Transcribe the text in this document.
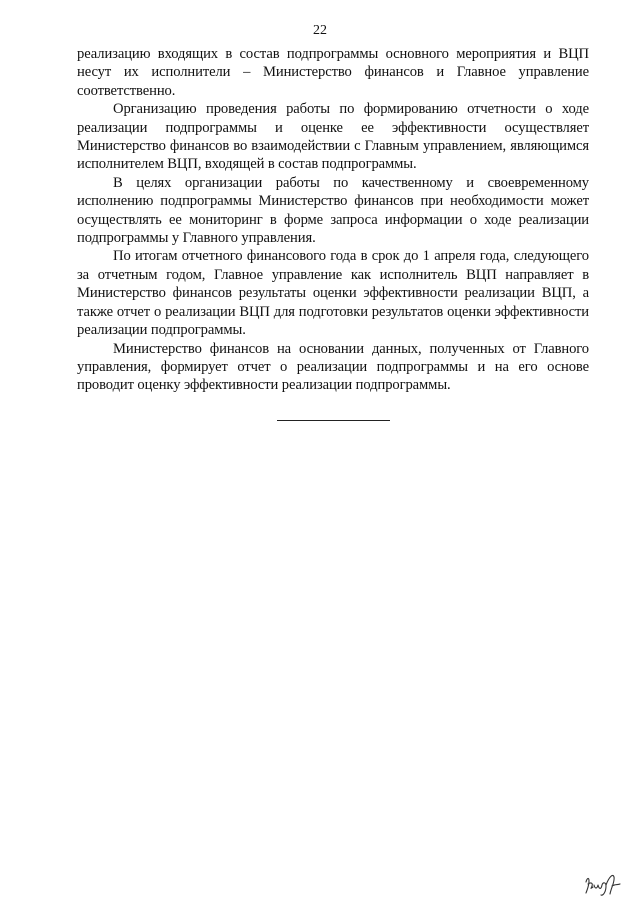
22

реализацию входящих в состав подпрограммы основного мероприятия и ВЦП несут их исполнители – Министерство финансов и Главное управление соответственно.

Организацию проведения работы по формированию отчетности о ходе реализации подпрограммы и оценке ее эффективности осуществляет Министерство финансов во взаимодействии с Главным управлением, являющимся исполнителем ВЦП, входящей в состав подпрограммы.

В целях организации работы по качественному и своевременному исполнению подпрограммы Министерство финансов при необходимости может осуществлять ее мониторинг в форме запроса информации о ходе реализации подпрограммы у Главного управления.

По итогам отчетного финансового года в срок до 1 апреля года, следующего за отчетным годом, Главное управление как исполнитель ВЦП направляет в Министерство финансов результаты оценки эффективности реализации ВЦП, а также отчет о реализации ВЦП для подготовки результатов оценки эффективности реализации подпрограммы.

Министерство финансов на основании данных, полученных от Главного управления, формирует отчет о реализации подпрограммы и на его основе проводит оценку эффективности реализации подпрограммы.
